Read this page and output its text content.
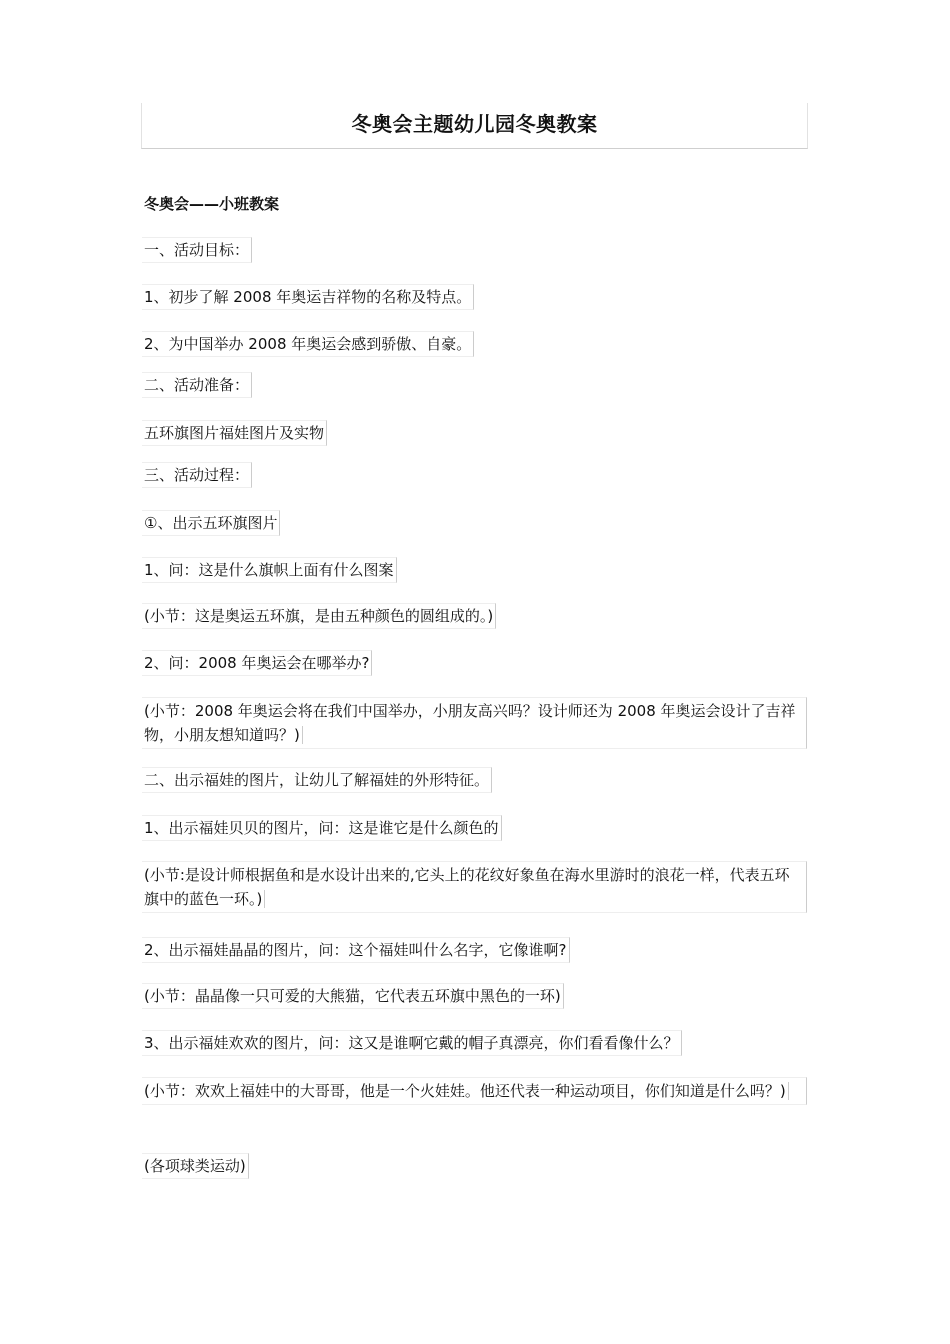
冬奥会主题幼儿园冬奥教案
冬奥会——小班教案
一、活动目标：
1、初步了解 2008 年奥运吉祥物的名称及特点。
2、为中国举办 2008 年奥运会感到骄傲、自豪。
二、活动准备：
五环旗图片福娃图片及实物
三、活动过程：
①、出示五环旗图片
1、问：这是什么旗帜上面有什么图案
(小节：这是奥运五环旗，是由五种颜色的圆组成的。)
2、问：2008 年奥运会在哪举办?
(小节：2008 年奥运会将在我们中国举办，小朋友高兴吗？设计师还为 2008 年奥运会设计了吉祥物，小朋友想知道吗？)
二、出示福娃的图片，让幼儿了解福娃的外形特征。
1、出示福娃贝贝的图片，问：这是谁它是什么颜色的
(小节:是设计师根据鱼和是水设计出来的,它头上的花纹好象鱼在海水里游时的浪花一样，代表五环旗中的蓝色一环。)
2、出示福娃晶晶的图片，问：这个福娃叫什么名字，它像谁啊?
(小节：晶晶像一只可爱的大熊猫，它代表五环旗中黑色的一环)
3、出示福娃欢欢的图片，问：这又是谁啊它戴的帽子真漂亮，你们看看像什么？
(小节：欢欢上福娃中的大哥哥，他是一个火娃娃。他还代表一种运动项目，你们知道是什么吗？)
(各项球类运动)
